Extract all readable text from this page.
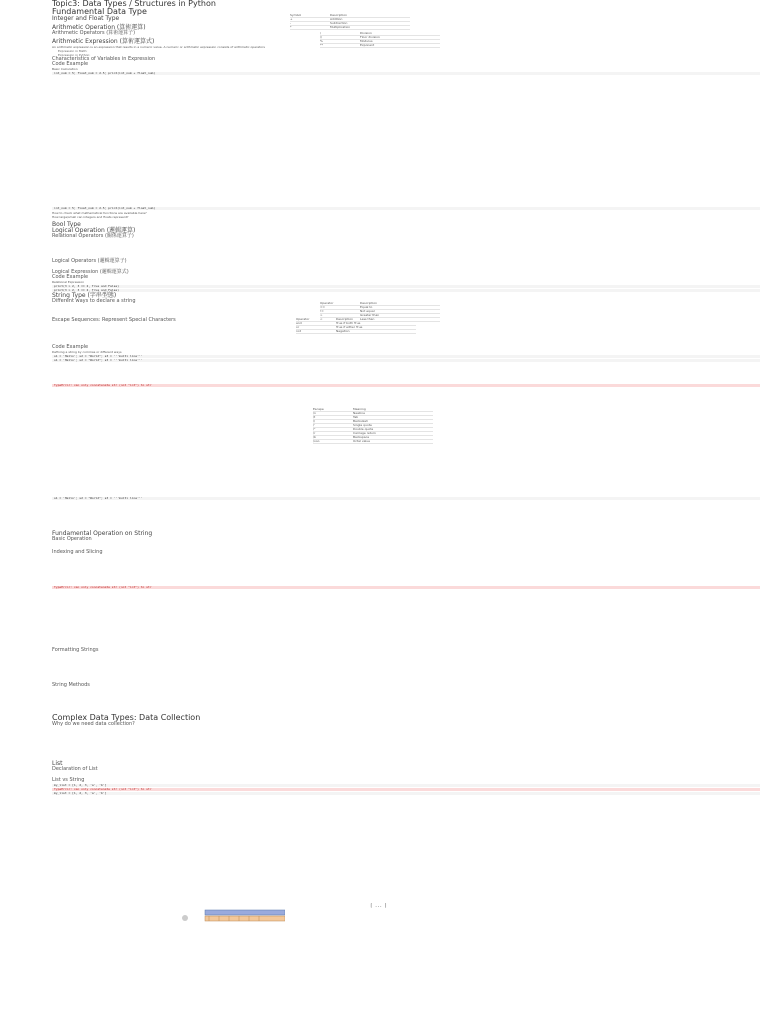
Topic3: Data Types / Structures in Python
Fundamental Data Type
Integer and Float Type
Arithmetic Operation (算術運算)
Arithmetic Operators (算術運算子)
Arithmetic Expression (算術運算式)
An arithmetic expression is an expression that results in a numeric value. A numeric or arithmetic expression consists of arithmetic operators
Expression in Math:
Expression in Python:
Characteristics of Variables in Expression
Code Example
Basic Calculation
int_num = 5; float_num = 2.5; print(int_num + float_num)
int_num = 5; float_num = 2.5; print(int_num + float_num)
How to check what mathematical functions are available here?
How large/small can integers and floats represent?
Bool Type
Logical Operation (邏輯運算)
Relational Operators (關係運算子)
Logical Operators (邏輯運算子)
Logical Expression (邏輯運算式)
Code Example
Relational Expression
print(3 > 2, 3 == 2, True and False)
print(3 > 2, 3 == 2, True and False)
String Type (字串型態)
Different ways to declare a string
Escape Sequences: Represent Special Characters
Code Example
Defining a string by commas or different ways
s1 = 'Hello'; s2 = "World"; s3 = '''multi line'''
s1 = 'Hello'; s2 = "World"; s3 = '''multi line'''
TypeError: can only concatenate str (not "int") to str
s1 = 'Hello'; s2 = "World"; s3 = '''multi line'''
Fundamental Operation on String
Basic Operation
Indexing and Slicing
TypeError: can only concatenate str (not "int") to str
Formatting Strings
String Methods
Complex Data Types: Data Collection
Why do we need data collection?
List
Declaration of List
List vs String
my_list = [1, 2, 3, 'a', 'b']
TypeError: can only concatenate str (not "int") to str
my_list = [1, 2, 3, 'a', 'b']
Symbol	Description
+	Addition
-	Subtraction
*	Multiplication
/	Division
//	Floor division
%	Modulus
**	Exponent
Operator	Description
==	Equal to
!=	Not equal
>	Greater than
<	Less than
Operator	Description
and	True if both True
or	True if either True
not	Negation
Escape	Meaning
\n	Newline
\t	Tab
\\	Backslash
\'	Single quote
\"	Double quote
\r	Carriage return
\b	Backspace
\ooo	Octal value
[ ... ]
